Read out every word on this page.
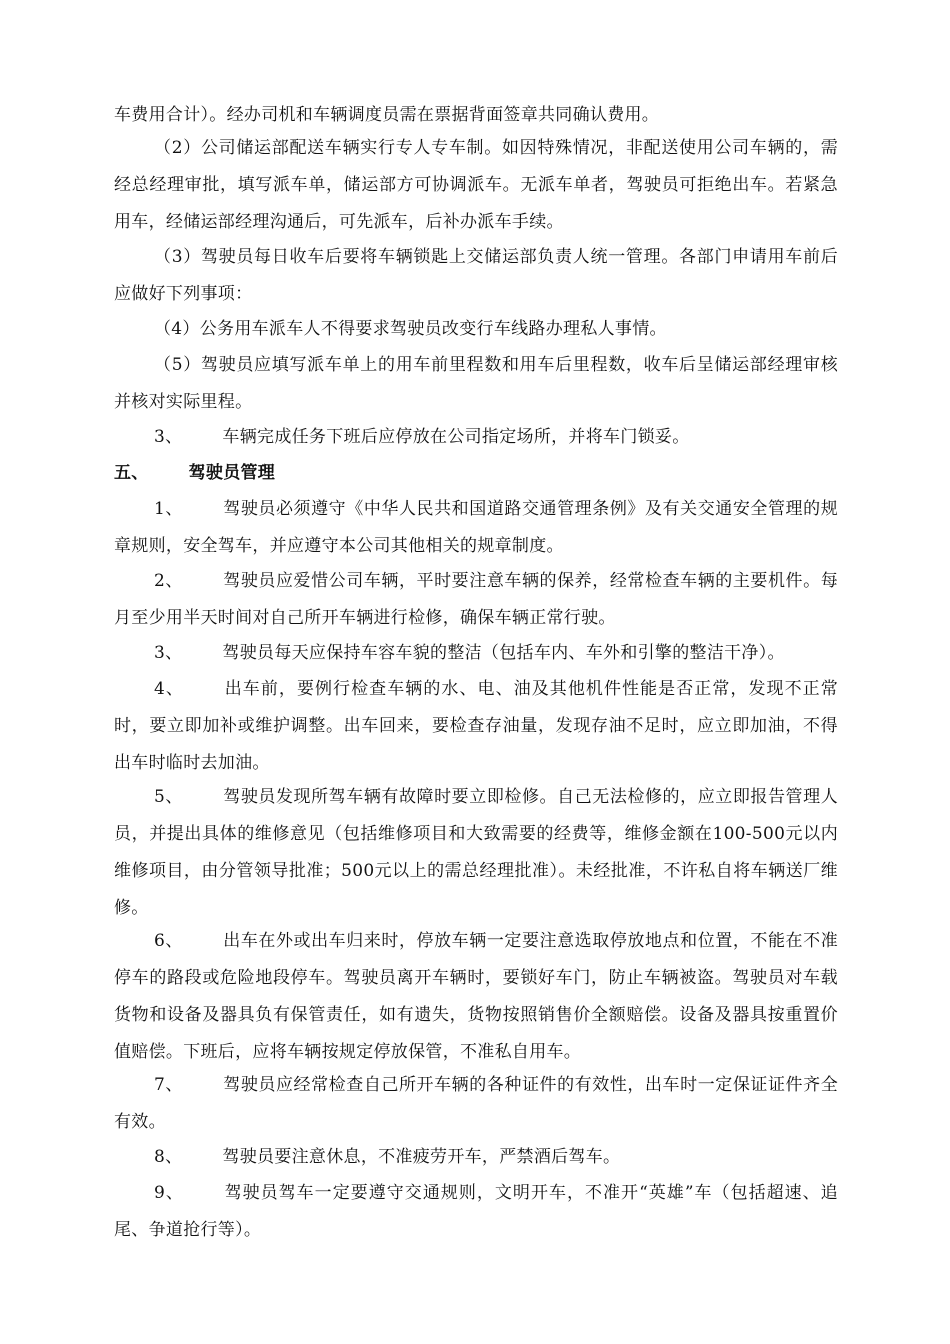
车费用合计）。经办司机和车辆调度员需在票据背面签章共同确认费用。
（2）公司储运部配送车辆实行专人专车制。如因特殊情况，非配送使用公司车辆的，需经总经理审批，填写派车单，储运部方可协调派车。无派车单者，驾驶员可拒绝出车。若紧急用车，经储运部经理沟通后，可先派车，后补办派车手续。
（3）驾驶员每日收车后要将车辆锁匙上交储运部负责人统一管理。各部门申请用车前后应做好下列事项：
（4）公务用车派车人不得要求驾驶员改变行车线路办理私人事情。
（5）驾驶员应填写派车单上的用车前里程数和用车后里程数，收车后呈储运部经理审核并核对实际里程。
3、 车辆完成任务下班后应停放在公司指定场所，并将车门锁妥。
五、 驾驶员管理
1、 驾驶员必须遵守《中华人民共和国道路交通管理条例》及有关交通安全管理的规章规则，安全驾车，并应遵守本公司其他相关的规章制度。
2、 驾驶员应爱惜公司车辆，平时要注意车辆的保养，经常检查车辆的主要机件。每月至少用半天时间对自己所开车辆进行检修，确保车辆正常行驶。
3、 驾驶员每天应保持车容车貌的整洁（包括车内、车外和引擎的整洁干净）。
4、 出车前，要例行检查车辆的水、电、油及其他机件性能是否正常，发现不正常时，要立即加补或维护调整。出车回来，要检查存油量，发现存油不足时，应立即加油，不得出车时临时去加油。
5、 驾驶员发现所驾车辆有故障时要立即检修。自己无法检修的，应立即报告管理人员，并提出具体的维修意见（包括维修项目和大致需要的经费等，维修金额在100-500元以内维修项目，由分管领导批准；500元以上的需总经理批准）。未经批准，不许私自将车辆送厂维修。
6、 出车在外或出车归来时，停放车辆一定要注意选取停放地点和位置，不能在不准停车的路段或危险地段停车。驾驶员离开车辆时，要锁好车门，防止车辆被盗。驾驶员对车载货物和设备及器具负有保管责任，如有遗失，货物按照销售价全额赔偿。设备及器具按重置价值赔偿。下班后，应将车辆按规定停放保管，不准私自用车。
7、 驾驶员应经常检查自己所开车辆的各种证件的有效性，出车时一定保证证件齐全有效。
8、 驾驶员要注意休息，不准疲劳开车，严禁酒后驾车。
9、 驾驶员驾车一定要遵守交通规则，文明开车，不准开“英雄”车（包括超速、追尾、争道抢行等）。
